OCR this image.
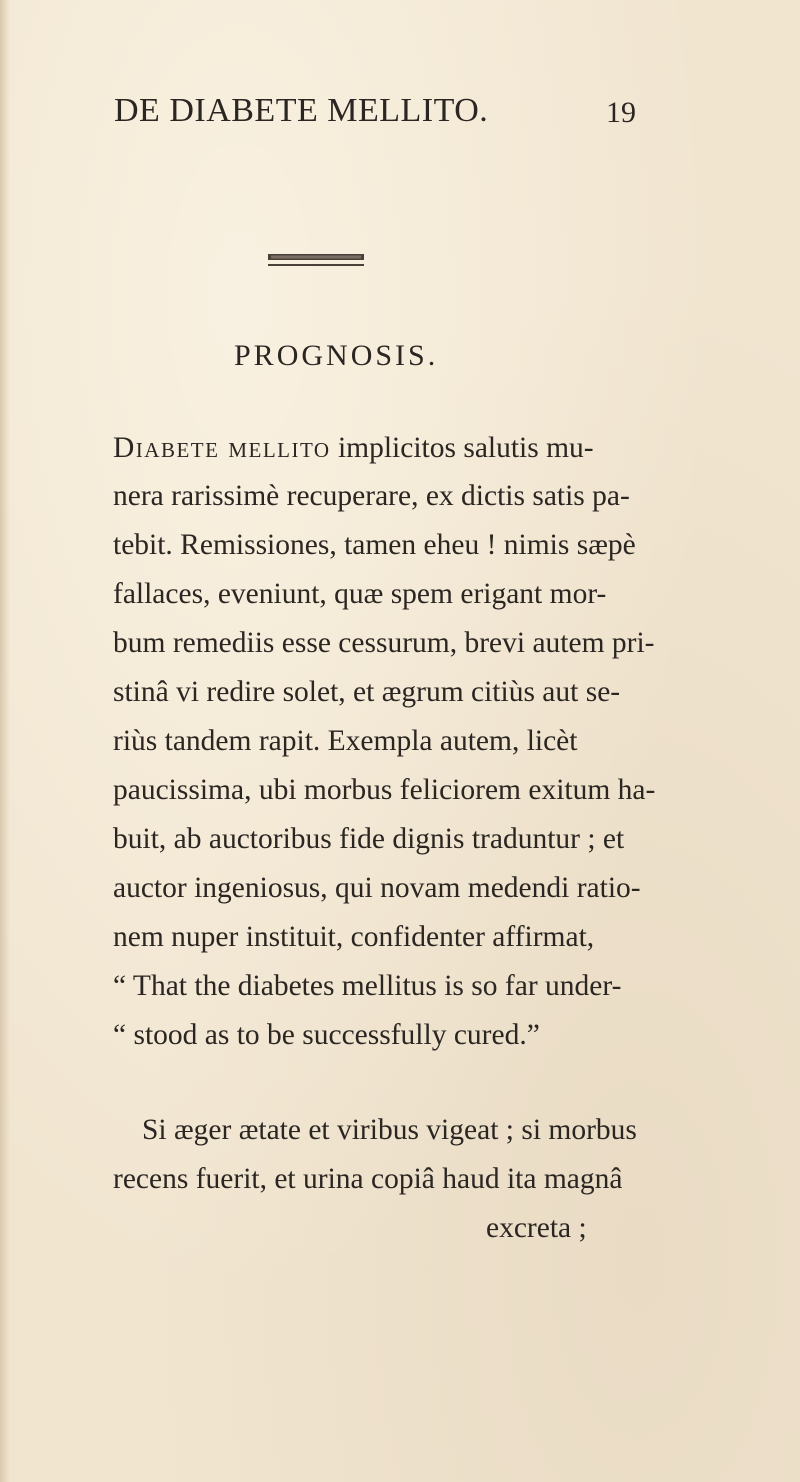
DE DIABETE MELLITO.	19
PROGNOSIS.
Diabete mellito implicitos salutis mu-
nera rarissimè recuperare, ex dictis satis pa-
tebit. Remissiones, tamen eheu ! nimis sæpè
fallaces, eveniunt, quæ spem erigant mor-
bum remediis esse cessurum, brevi autem pri-
stinâ vi redire solet, et ægrum citiùs aut se-
riùs tandem rapit. Exempla autem, licèt
paucissima, ubi morbus feliciorem exitum ha-
buit, ab auctoribus fide dignis traduntur ; et
auctor ingeniosus, qui novam medendi ratio-
nem nuper instituit, confidenter affirmat,
“ That the diabetes mellitus is so far under-
“ stood as to be successfully cured.”
Si æger ætate et viribus vigeat ; si morbus
recens fuerit, et urina copiâ haud ita magnâ
excreta ;
